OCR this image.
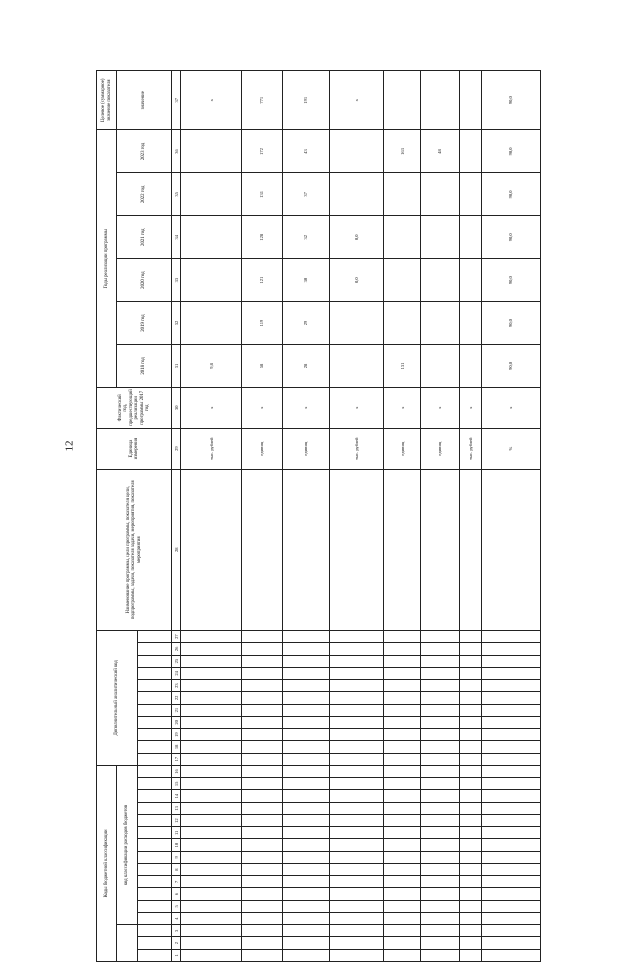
12
Коды бюджетной классификации																Дополнительный аналитический код											Наименование программы, цели программы, показателя цели, подпрограммы, задачи, показателя задачи, мероприятия, показателя мероприятия	Единица измерения	Фактический год, предшествующий реализации программы 2017 год	Годы реализации программы						Целевое (суммарное) значение показателя
			код классификации расходов бюджетов																											2018 год	2019 год	2020 год	2021 год	2022 год	2023 год	значение

1	2	3	4	5	6	7	8	9	10	11	12	13	14	15	16	17	18	19	20	21	22	23	24	25	26	27	28	29	30	31	32	33	34	35	36	37
																												тыс. рублей	х	9,8						х
																												единиц	х	58	119	121	128	131	172	771
																												единиц	х	28	29	30	32	37	43	191
																												тыс. рублей	х			0,0	0,0			х
																												единиц	х	131					163	
																												единиц	х						48	
																												тыс. рублей	х							
																												%	х	90,0	90,0	90,0	90,0	90,0	90,0	90,0
